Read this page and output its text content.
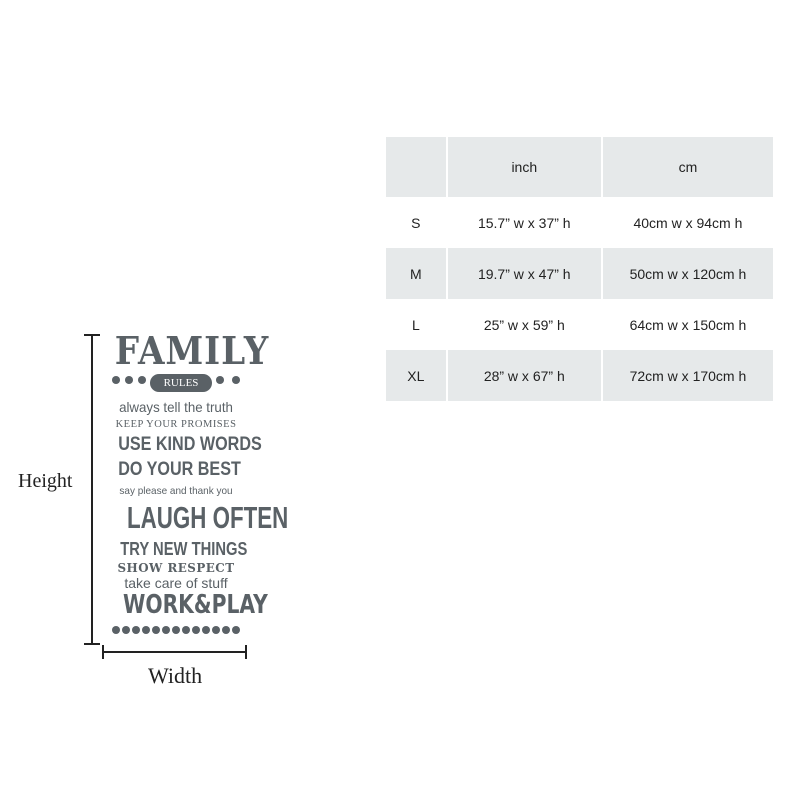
	inch	cm
S	15.7” w x 37” h	40cm w x 94cm h
M	19.7” w x 47” h	50cm w x 120cm h
L	25” w x 59” h	64cm w x 150cm h
XL	28” w x 67” h	72cm w x 170cm h
Height
Width
FAMILY
RULES
always tell the truth
KEEP YOUR PROMISES
USE KIND WORDS
DO YOUR BEST
say please and thank you
LAUGH OFTEN
TRY NEW THINGS
SHOW RESPECT
take care of stuff
WORK&PLAY
